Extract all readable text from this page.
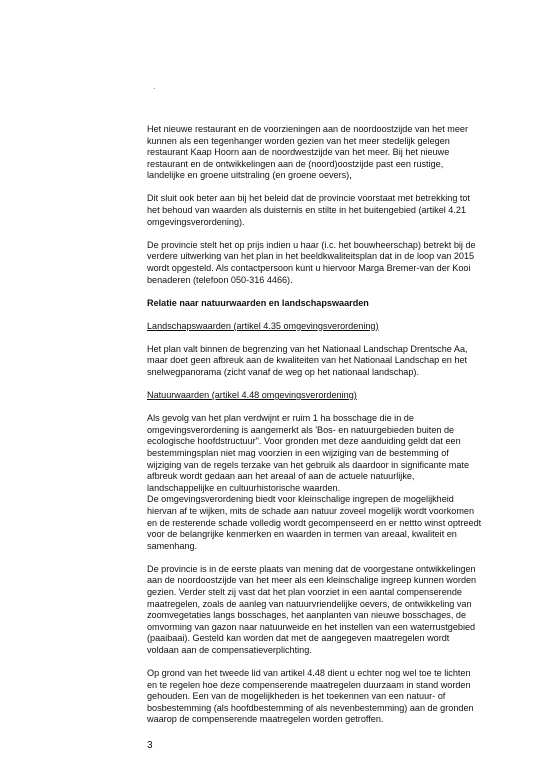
·
Het nieuwe restaurant en de voorzieningen aan de noordoostzijde van het meer
kunnen als een tegenhanger worden gezien van het meer stedelijk gelegen
restaurant Kaap Hoorn aan de noordwestzijde van het meer. Bij het nieuwe
restaurant en de ontwikkelingen aan de (noord)oostzijde past een rustige,
landelijke en groene uitstraling (en groene oevers),
Dit sluit ook beter aan bij het beleid dat de provincie voorstaat met betrekking tot
het behoud van waarden als duisternis en stilte in het buitengebied (artikel 4.21
omgevingsverordening).
De provincie stelt het op prijs indien u haar (i.c. het bouwheerschap) betrekt bij de
verdere uitwerking van het plan in het beeldkwaliteitsplan dat in de loop van 2015
wordt opgesteld. Als contactpersoon kunt u hiervoor Marga Bremer-van der Kooi
benaderen (telefoon 050-316 4466).
Relatie naar natuurwaarden en landschapswaarden
Landschapswaarden (artikel 4.35 omgevingsverordening)
Het plan valt binnen de begrenzing van het Nationaal Landschap Drentsche Aa,
maar doet geen afbreuk aan de kwaliteiten van het Nationaal Landschap en het
snelwegpanorama (zicht vanaf de weg op het nationaal landschap).
Natuurwaarden (artikel 4.48 omgevingsverordening)
Als gevolg van het plan verdwijnt er ruim 1 ha bosschage die in de
omgevingsverordening is aangemerkt als 'Bos- en natuurgebieden buiten de
ecologische hoofdstructuur". Voor gronden met deze aanduiding geldt dat een
bestemmingsplan niet mag voorzien in een wijziging van de bestemming of
wijziging van de regels terzake van het gebruik als daardoor in significante mate
afbreuk wordt gedaan aan het areaal of aan de actuele natuurlijke,
landschappelijke en cultuurhistorische waarden.
De omgevingsverordening biedt voor kleinschalige ingrepen de mogelijkheid
hiervan af te wijken, mits de schade aan natuur zoveel mogelijk wordt voorkomen
en de resterende schade volledig wordt gecompenseerd en er nettto winst optreedt
voor de belangrijke kenmerken en waarden in termen van areaal, kwaliteit en
samenhang.
De provincie is in de eerste plaats van mening dat de voorgestane ontwikkelingen
aan de noordoostzijde van het meer als een kleinschalige ingreep kunnen worden
gezien. Verder stelt zij vast dat het plan voorziet in een aantal compenserende
maatregelen, zoals de aanleg van natuurvriendelijke oevers, de ontwikkeling van
zoomvegetaties langs bosschages, het aanplanten van nieuwe bosschages, de
omvorming van gazon naar natuurweide en het instellen van een waterrustgebied
(paaibaai). Gesteld kan worden dat met de aangegeven maatregelen wordt
voldaan aan de compensatieverplichting.
Op grond van het tweede lid van artikel 4.48 dient u echter nog wel toe te lichten
en te regelen hoe deze compenserende maatregelen duurzaam in stand worden
gehouden. Een van de mogelijkheden is het toekennen van een natuur- of
bosbestemming (als hoofdbestemming of als nevenbestemming) aan de gronden
waarop de compenserende maatregelen worden getroffen.
3
